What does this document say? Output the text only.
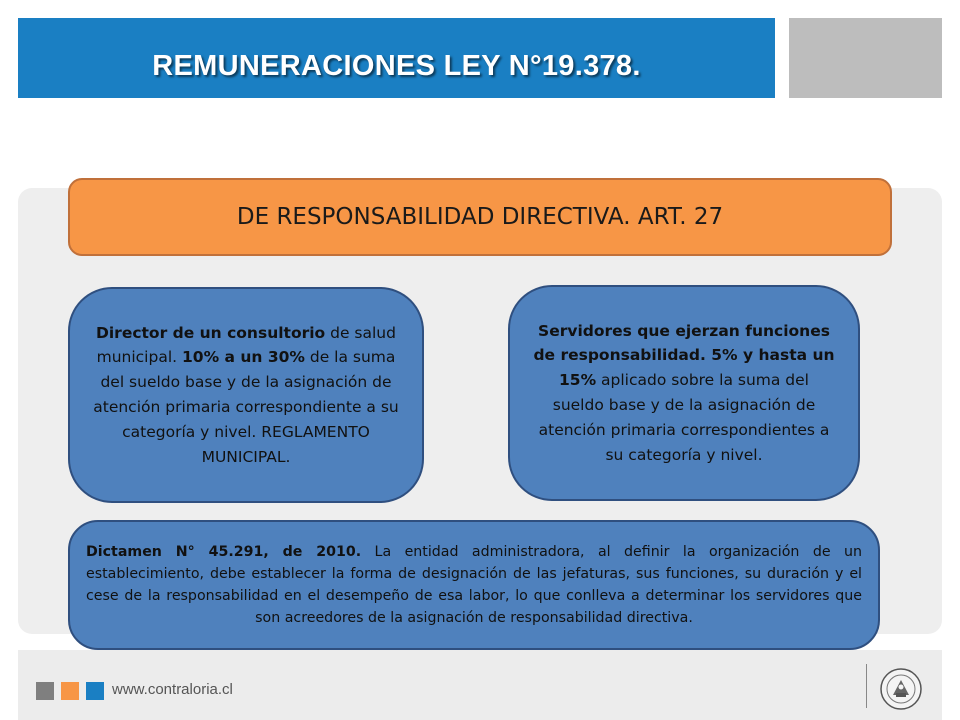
REMUNERACIONES LEY N°19.378.
DE RESPONSABILIDAD DIRECTIVA. ART. 27
Director de un consultorio de salud municipal. 10% a un 30% de la suma del sueldo base y de la asignación de atención primaria correspondiente a su categoría y nivel. REGLAMENTO MUNICIPAL.
Servidores que ejerzan funciones de responsabilidad. 5% y hasta un 15% aplicado sobre la suma del sueldo base y de la asignación de atención primaria correspondientes a su categoría y nivel.
Dictamen N° 45.291, de 2010. La entidad administradora, al definir la organización de un establecimiento, debe establecer la forma de designación de las jefaturas, sus funciones, su duración y el cese de la responsabilidad en el desempeño de esa labor, lo que conlleva a determinar los servidores que son acreedores de la asignación de responsabilidad directiva.
www.contraloria.cl
